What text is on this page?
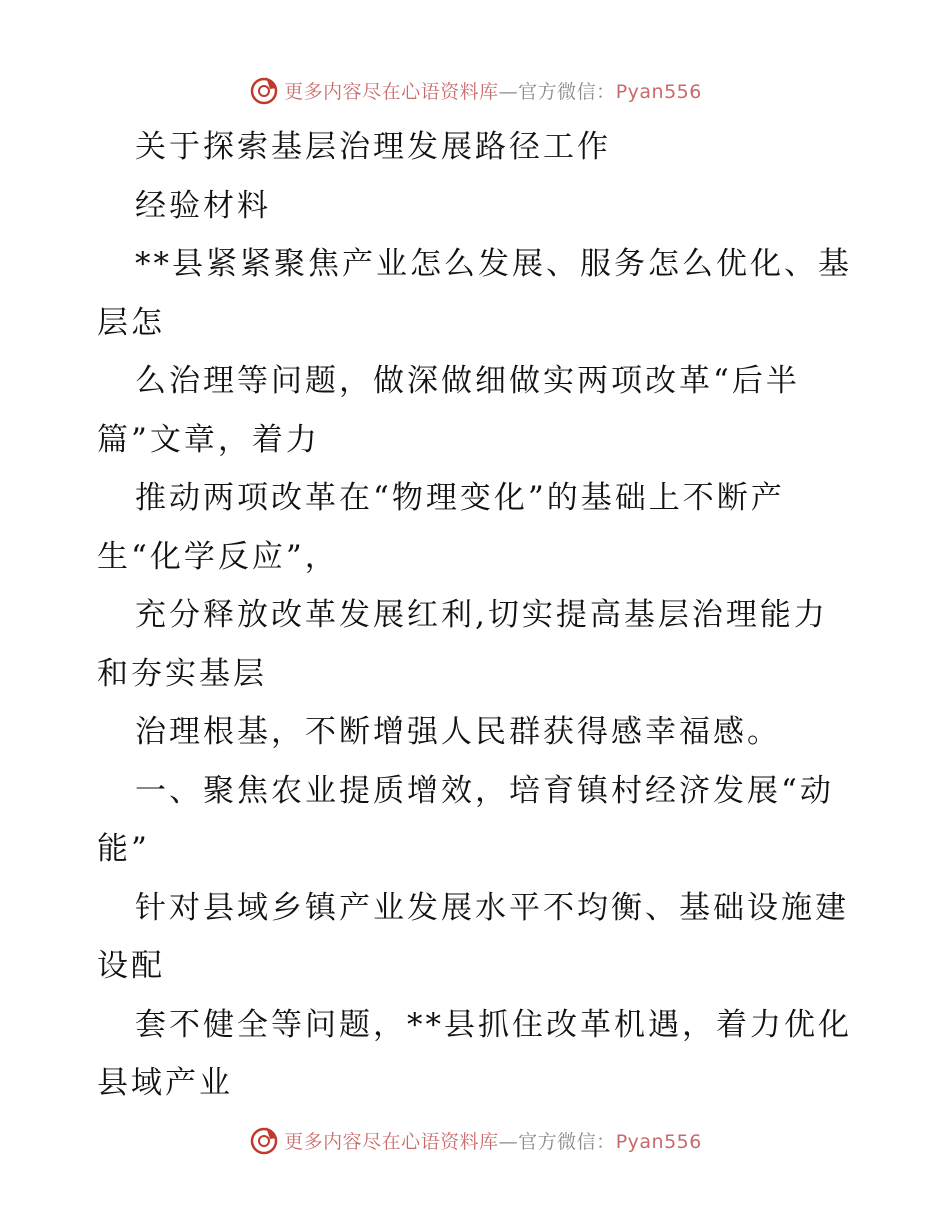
更多内容尽在心语资料库—官方微信：Pyan556
关于探索基层治理发展路径工作
经验材料
**县紧紧聚焦产业怎么发展、服务怎么优化、基
层怎
么治理等问题，做深做细做实两项改革“后半
篇”文章，着力
推动两项改革在“物理变化”的基础上不断产
生“化学反应”，
充分释放改革发展红利,切实提高基层治理能力
和夯实基层
治理根基，不断增强人民群获得感幸福感。
一、聚焦农业提质增效，培育镇村经济发展“动
能”
针对县域乡镇产业发展水平不均衡、基础设施建
设配
套不健全等问题，**县抓住改革机遇，着力优化
县域产业
更多内容尽在心语资料库—官方微信：Pyan556
